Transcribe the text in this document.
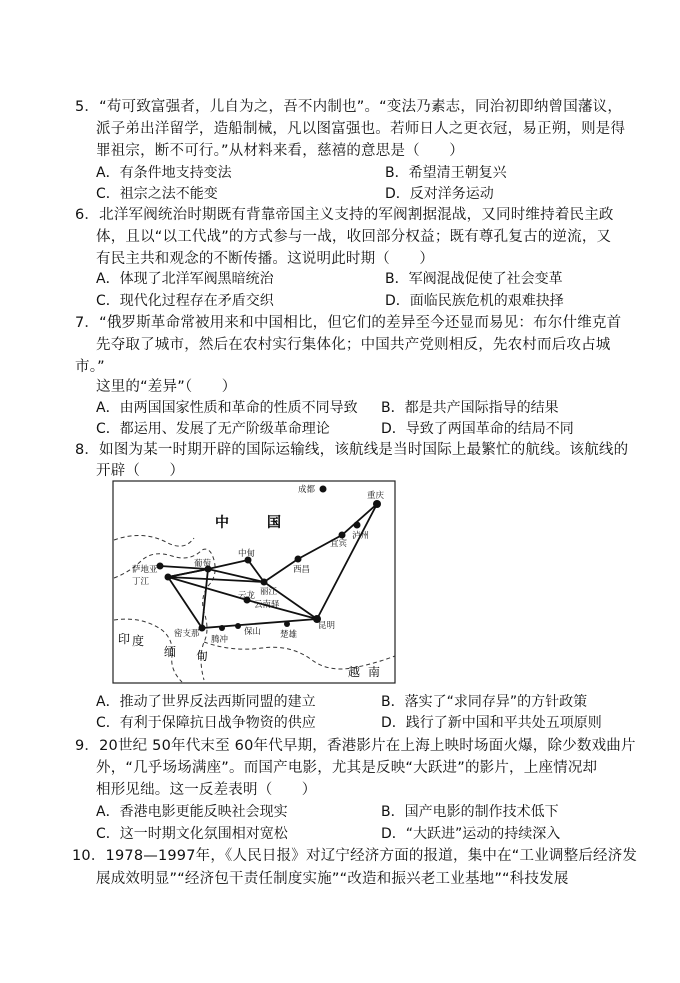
5．“苟可致富强者，儿自为之，吾不内制也”。“变法乃素志，同治初即纳曾国藩议，
派子弟出洋留学，造船制械，凡以图富强也。若师日人之更衣冠，易正朔，则是得
罪祖宗，断不可行。”从材料来看，慈禧的意思是（　　）
A．有条件地支持变法	B．希望清王朝复兴
C．祖宗之法不能变	D．反对洋务运动
6．北洋军阀统治时期既有背靠帝国主义支持的军阀割据混战，又同时维持着民主政
体，且以“以工代战”的方式参与一战，收回部分权益；既有尊孔复古的逆流，又
有民主共和观念的不断传播。这说明此时期（　　）
A．体现了北洋军阀黑暗统治	B．军阀混战促使了社会变革
C．现代化过程存在矛盾交织	D．面临民族危机的艰难抉择
7．“俄罗斯革命常被用来和中国相比，但它们的差异至今还显而易见：布尔什维克首
先夺取了城市，然后在农村实行集体化；中国共产党则相反，先农村而后攻占城
市。”
这里的“差异”（　　）
A．由两国国家性质和革命的性质不同导致 B．都是共产国际指导的结果
C．都运用、发展了无产阶级革命理论	D．导致了两国革命的结局不同
8．如图为某一时期开辟的国际运输线，该航线是当时国际上最繁忙的航线。该航线的
开辟（　　）
中	国
印 度
缅 甸
越 南
成都
重庆
宜宾
泸州
中甸
西昌
丽江
萨地亚
丁江
葡萄
云龙
云南驿
密支那
腾冲
保山 楚雄
昆明
A．推动了世界反法西斯同盟的建立	B．落实了“求同存异”的方针政策
C．有利于保障抗日战争物资的供应	D．践行了新中国和平共处五项原则
9．20世纪 50年代末至 60年代早期，香港影片在上海上映时场面火爆，除少数戏曲片
外，“几乎场场满座”。而国产电影，尤其是反映“大跃进”的影片，上座情况却
相形见绌。这一反差表明（　　）
A．香港电影更能反映社会现实	B．国产电影的制作技术低下
C．这一时期文化氛围相对宽松	D．“大跃进”运动的持续深入
10．1978—1997年，《人民日报》对辽宁经济方面的报道，集中在“工业调整后经济发
展成效明显”“经济包干责任制度实施”“改造和振兴老工业基地”“科技发展
